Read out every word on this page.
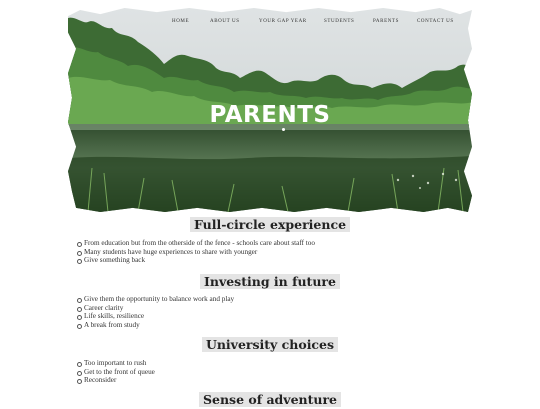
HOME	ABOUT US	YOUR GAP YEAR	STUDENTS	PARENTS	CONTACT US
PARENTS
Full-circle experience
From education but from the otherside of the fence - schools care about staff too
Many students have huge experiences to share with younger
Give something back
Investing in future
Give them the opportunity to balance work and play
Career clarity
Life skills, resilience
A break from study
University choices
Too important to rush
Get to the front of queue
Reconsider
Sense of adventure
